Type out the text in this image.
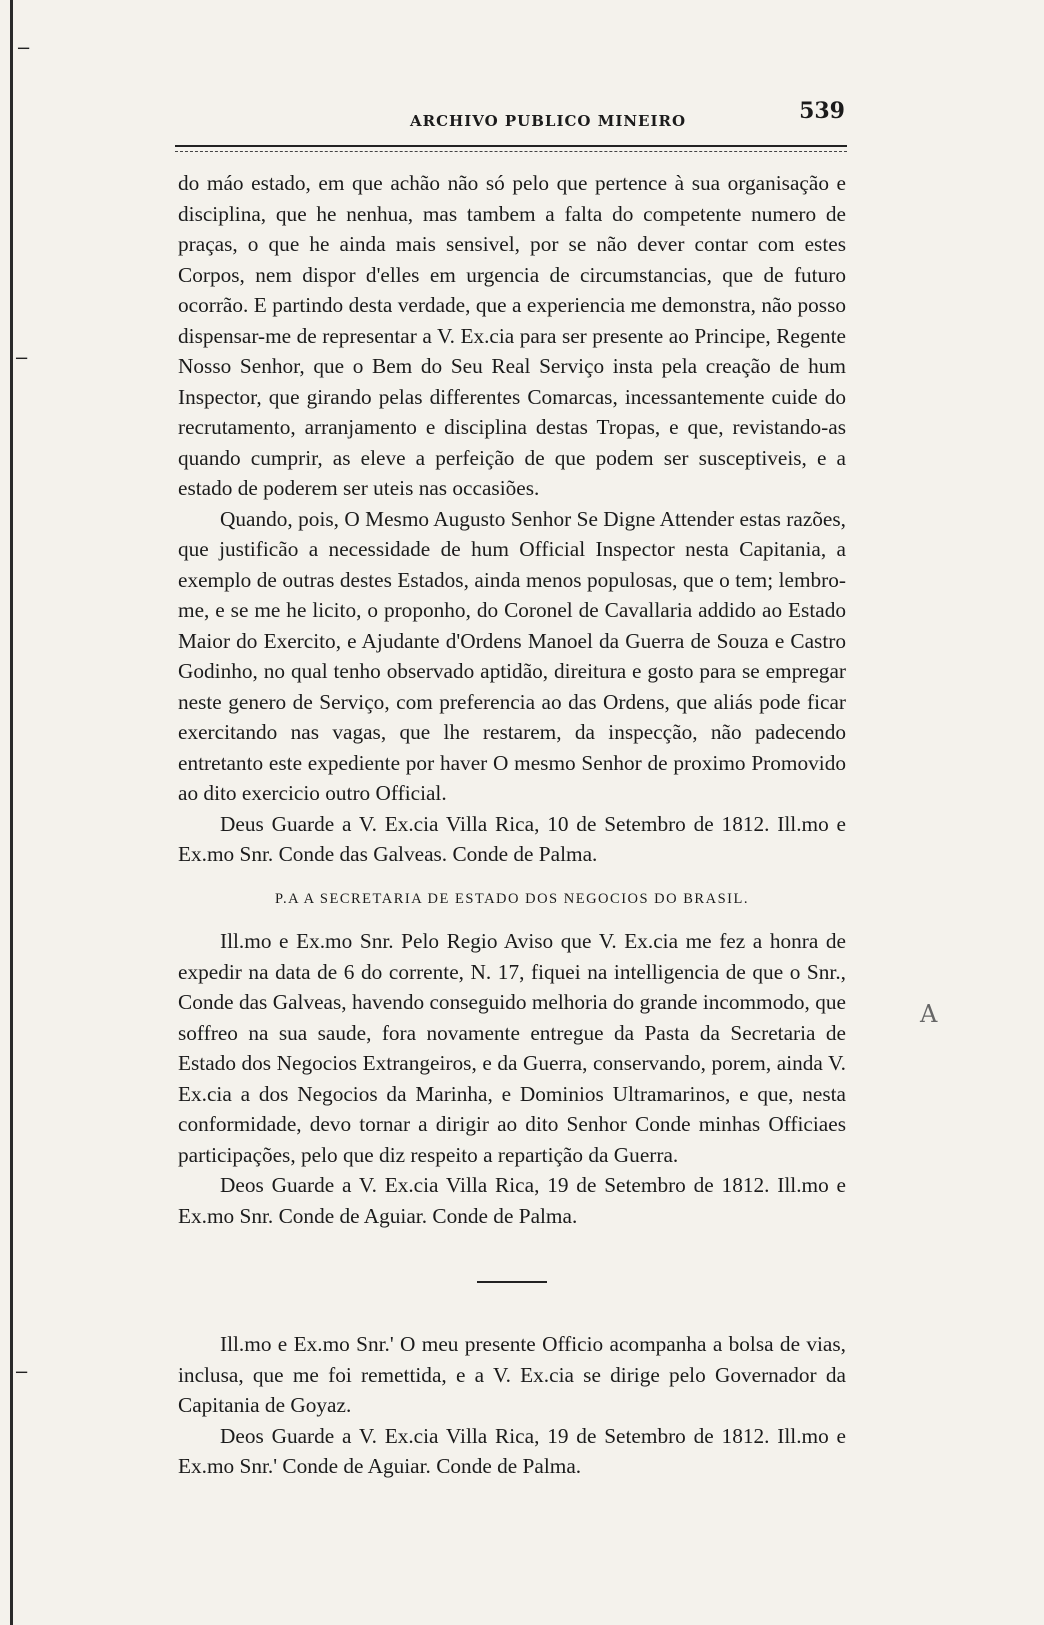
−
−
−
A
ARCHIVO PUBLICO MINEIRO	539

do máo estado, em que achão não só pelo que pertence à sua organisação e disciplina, que he nenhua, mas tambem a falta do competente numero de praças, o que he ainda mais sensivel, por se não dever contar com estes Corpos, nem dispor d'elles em urgencia de circumstancias, que de futuro ocorrão. E partindo desta verdade, que a experiencia me demonstra, não posso dispensar-me de representar a V. Ex.cia para ser presente ao Principe, Regente Nosso Senhor, que o Bem do Seu Real Serviço insta pela creação de hum Inspector, que girando pelas differentes Comarcas, incessantemente cuide do recrutamento, arranjamento e disciplina destas Tropas, e que, revistando-as quando cumprir, as eleve a perfeição de que podem ser susceptiveis, e a estado de poderem ser uteis nas occasiões.

Quando, pois, O Mesmo Augusto Senhor Se Digne Attender estas razões, que justificão a necessidade de hum Official Inspector nesta Capitania, a exemplo de outras destes Estados, ainda menos populosas, que o tem; lembro-me, e se me he licito, o proponho, do Coronel de Cavallaria addido ao Estado Maior do Exercito, e Ajudante d'Ordens Manoel da Guerra de Souza e Castro Godinho, no qual tenho observado aptidão, direitura e gosto para se empregar neste genero de Serviço, com preferencia ao das Ordens, que aliás pode ficar exercitando nas vagas, que lhe restarem, da inspecção, não padecendo entretanto este expediente por haver O mesmo Senhor de proximo Promovido ao dito exercicio outro Official.

Deus Guarde a V. Ex.cia Villa Rica, 10 de Setembro de 1812. Ill.mo e Ex.mo Snr. Conde das Galveas. Conde de Palma.

P.A A SECRETARIA DE ESTADO DOS NEGOCIOS DO BRASIL.

Ill.mo e Ex.mo Snr. Pelo Regio Aviso que V. Ex.cia me fez a honra de expedir na data de 6 do corrente, N. 17, fiquei na intelligencia de que o Snr., Conde das Galveas, havendo conseguido melhoria do grande incommodo, que soffreo na sua saude, fora novamente entregue da Pasta da Secretaria de Estado dos Negocios Extrangeiros, e da Guerra, conservando, porem, ainda V. Ex.cia a dos Negocios da Marinha, e Dominios Ultramarinos, e que, nesta conformidade, devo tornar a dirigir ao dito Senhor Conde minhas Officiaes participações, pelo que diz respeito a repartição da Guerra.

Deos Guarde a V. Ex.cia Villa Rica, 19 de Setembro de 1812. Ill.mo e Ex.mo Snr. Conde de Aguiar. Conde de Palma.

Ill.mo e Ex.mo Snr.' O meu presente Officio acompanha a bolsa de vias, inclusa, que me foi remettida, e a V. Ex.cia se dirige pelo Governador da Capitania de Goyaz.

Deos Guarde a V. Ex.cia Villa Rica, 19 de Setembro de 1812. Ill.mo e Ex.mo Snr.' Conde de Aguiar. Conde de Palma.
